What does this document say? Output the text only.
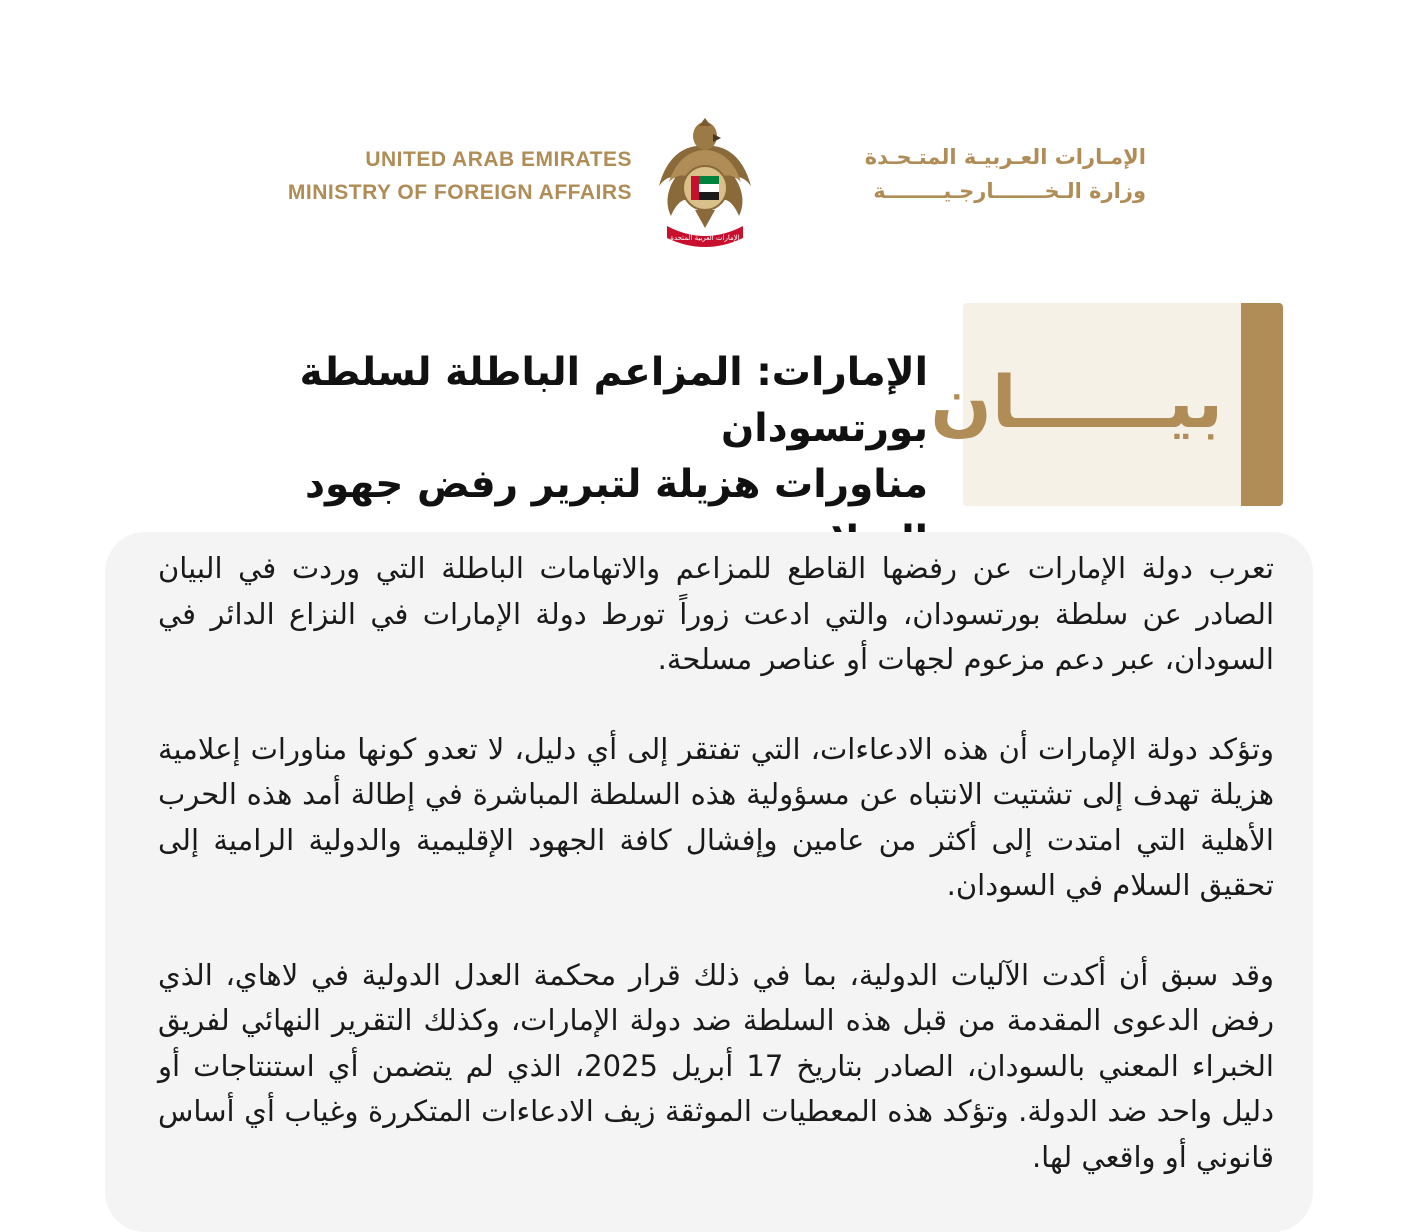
UNITED ARAB EMIRATES
MINISTRY OF FOREIGN AFFAIRS
الإمارات العربية المتحدة
الإمـارات العـربيـة المتـحـدة
وزارة الـخـــــــارجـيــــــــة
بيــــــان
الإمارات: المزاعم الباطلة لسلطة بورتسودان
مناورات هزيلة لتبرير رفض جهود

تعرب دولة الإمارات عن رفضها القاطع للمزاعم والاتهامات الباطلة التي وردت في البيان الصادر عن سلطة بورتسودان، والتي ادعت زوراً تورط دولة الإمارات في النزاع الدائر في السودان، عبر دعم مزعوم لجهات أو عناصر مسلحة.

وتؤكد دولة الإمارات أن هذه الادعاءات، التي تفتقر إلى أي دليل، لا تعدو كونها مناورات إعلامية هزيلة تهدف إلى تشتيت الانتباه عن مسؤولية هذه السلطة المباشرة في إطالة أمد هذه الحرب الأهلية التي امتدت إلى أكثر من عامين وإفشال كافة الجهود الإقليمية والدولية الرامية إلى تحقيق السلام في السودان.

وقد سبق أن أكدت الآليات الدولية، بما في ذلك قرار محكمة العدل الدولية في لاهاي، الذي رفض الدعوى المقدمة من قبل هذه السلطة ضد دولة الإمارات، وكذلك التقرير النهائي لفريق الخبراء المعني بالسودان، الصادر بتاريخ 17 أبريل 2025، الذي لم يتضمن أي استنتاجات أو دليل واحد ضد الدولة. وتؤكد هذه المعطيات الموثقة زيف الادعاءات المتكررة وغياب أي أساس قانوني أو واقعي لها.
